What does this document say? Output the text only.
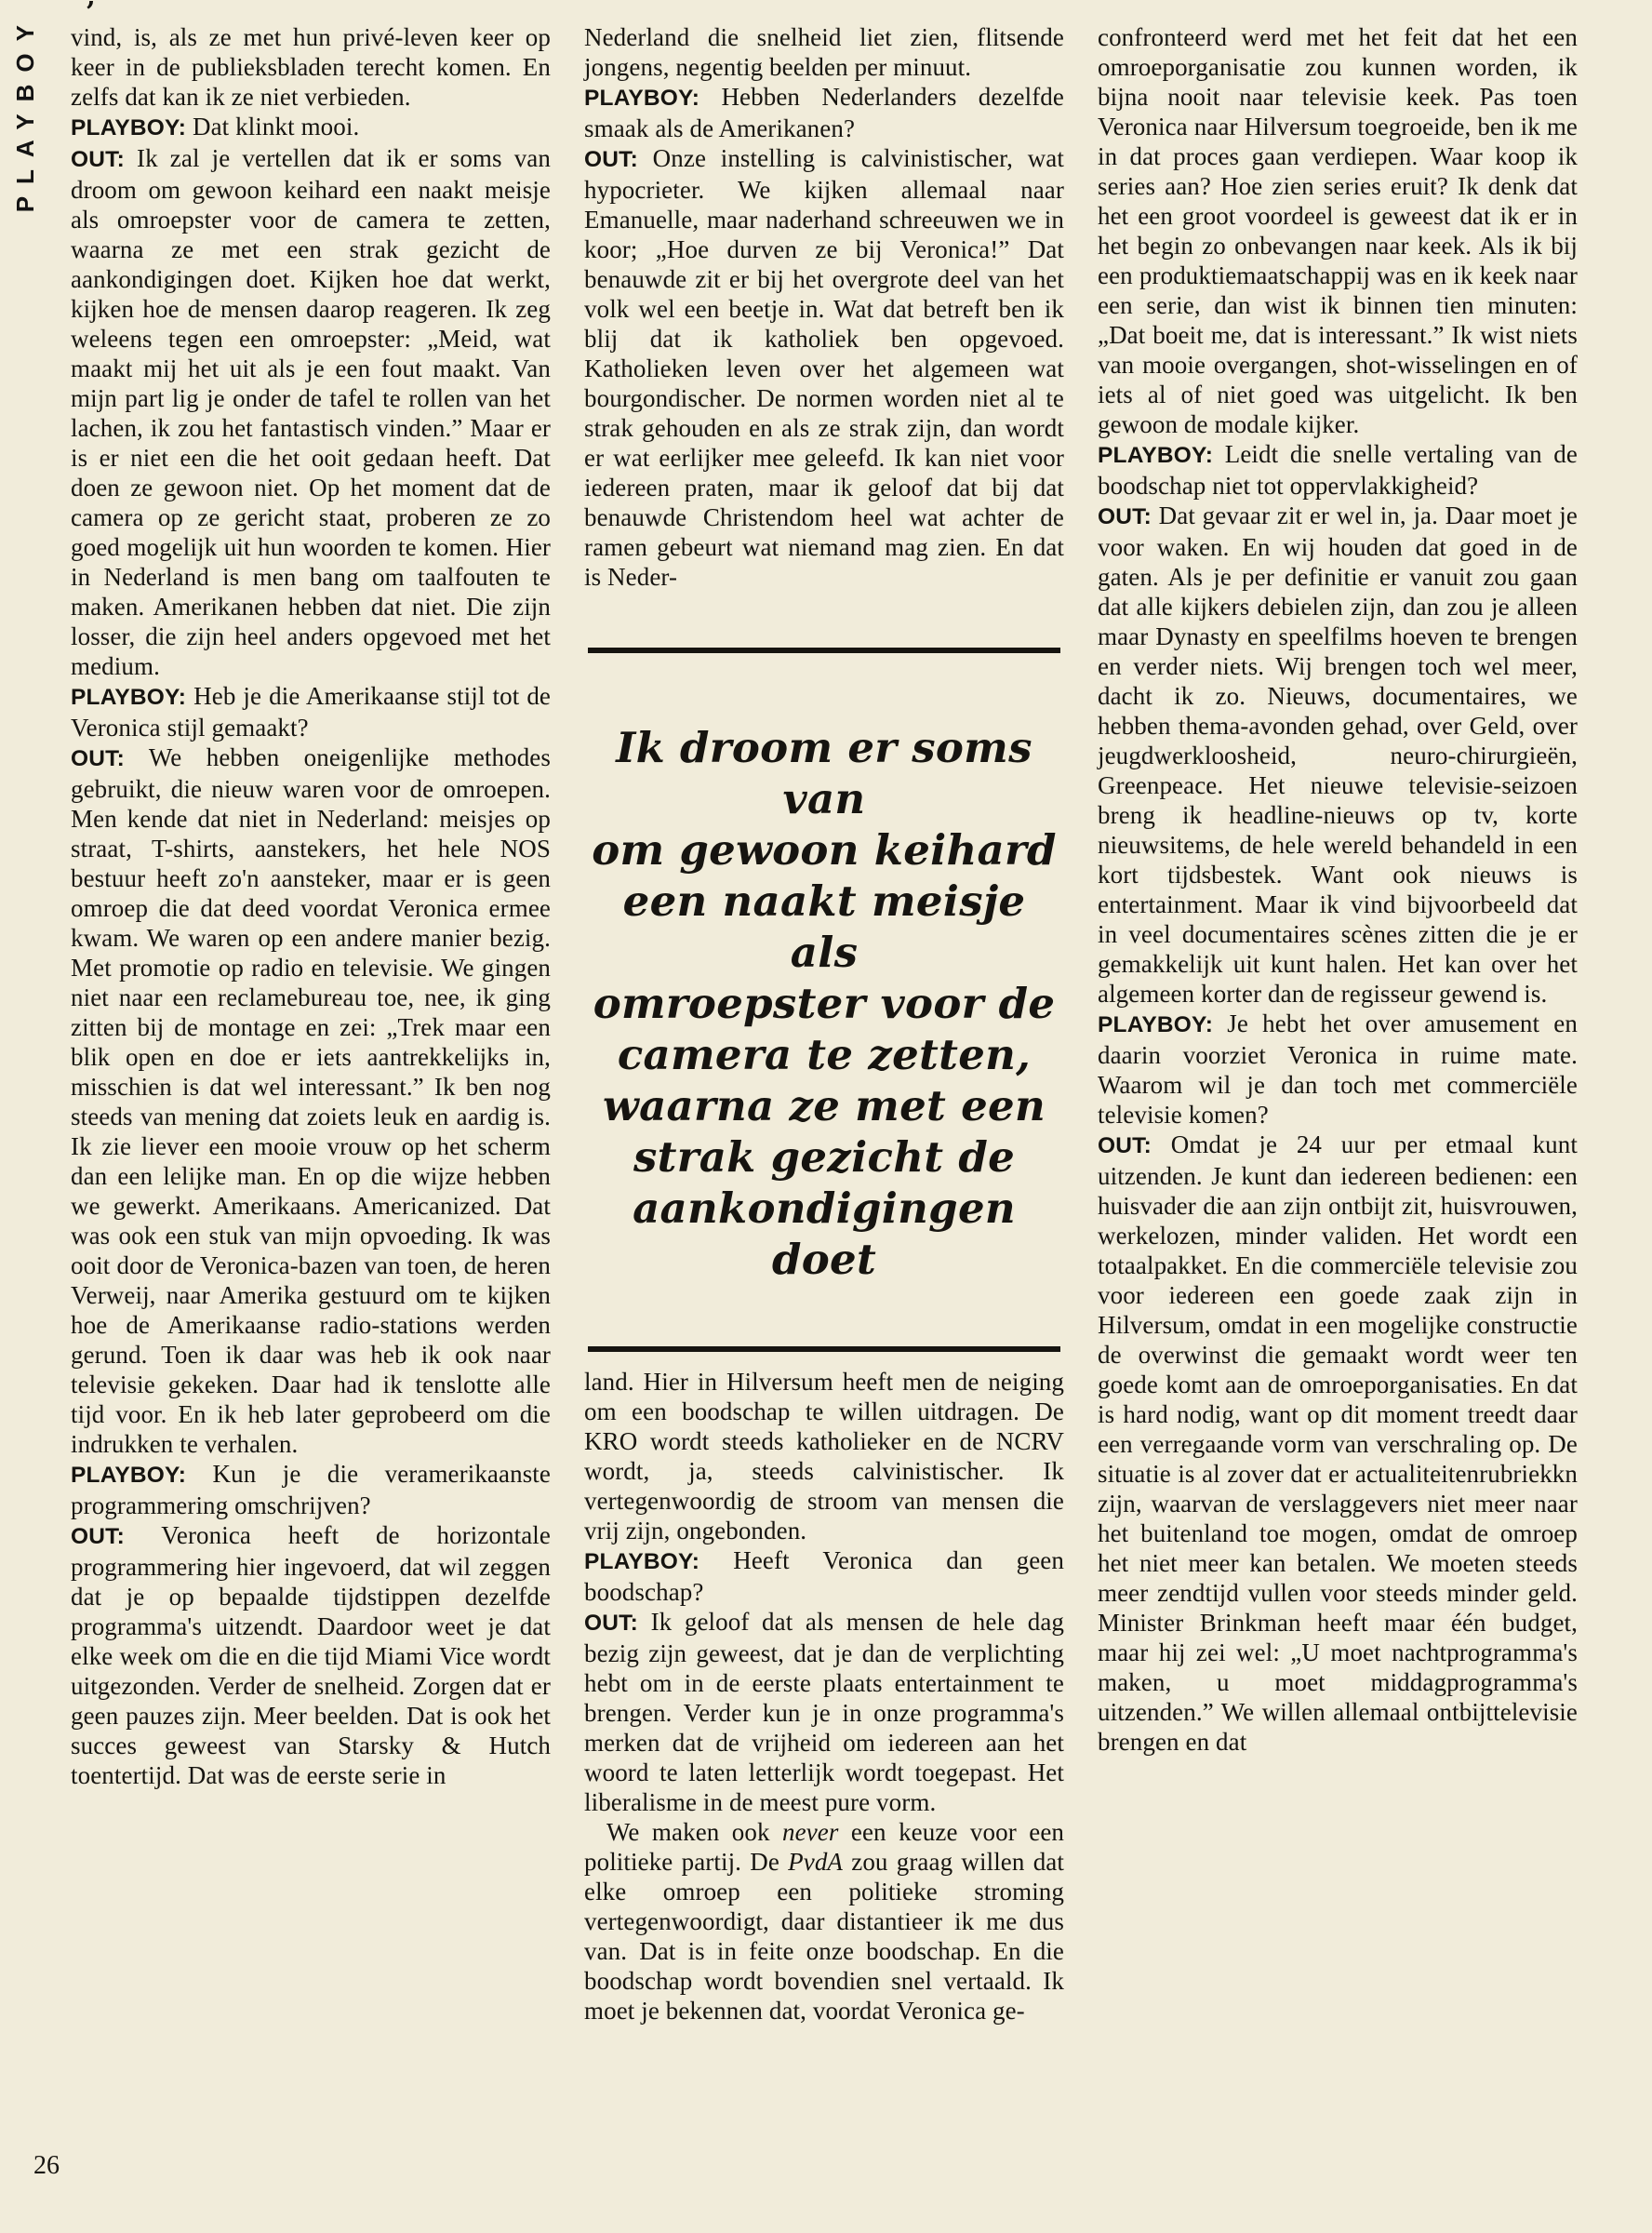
’
PLAYBOY vind, is, als ze met hun privé-leven keer op keer in de publieksbladen terecht komen. En zelfs dat kan ik ze niet verbieden.

PLAYBOY: Dat klinkt mooi.

OUT: Ik zal je vertellen dat ik er soms van droom om gewoon keihard een naakt meisje als omroepster voor de camera te zetten, waarna ze met een strak gezicht de aankondigingen doet. Kijken hoe dat werkt, kijken hoe de mensen daarop reageren. Ik zeg weleens tegen een omroepster: „Meid, wat maakt mij het uit als je een fout maakt. Van mijn part lig je onder de tafel te rollen van het lachen, ik zou het fantastisch vinden.” Maar er is er niet een die het ooit gedaan heeft. Dat doen ze gewoon niet. Op het moment dat de camera op ze gericht staat, proberen ze zo goed mogelijk uit hun woorden te komen. Hier in Nederland is men bang om taalfouten te maken. Amerikanen hebben dat niet. Die zijn losser, die zijn heel anders opgevoed met het medium.

PLAYBOY: Heb je die Amerikaanse stijl tot de Veronica stijl gemaakt?

OUT: We hebben oneigenlijke methodes gebruikt, die nieuw waren voor de omroepen. Men kende dat niet in Nederland: meisjes op straat, T-shirts, aanstekers, het hele NOS bestuur heeft zo'n aansteker, maar er is geen omroep die dat deed voordat Veronica ermee kwam. We waren op een andere manier bezig. Met promotie op radio en televisie. We gingen niet naar een reclamebureau toe, nee, ik ging zitten bij de montage en zei: „Trek maar een blik open en doe er iets aantrekkelijks in, misschien is dat wel interessant.” Ik ben nog steeds van mening dat zoiets leuk en aardig is. Ik zie liever een mooie vrouw op het scherm dan een lelijke man. En op die wijze hebben we gewerkt. Amerikaans. Americanized. Dat was ook een stuk van mijn opvoeding. Ik was ooit door de Veronica-bazen van toen, de heren Verweij, naar Amerika gestuurd om te kijken hoe de Amerikaanse radio-stations werden gerund. Toen ik daar was heb ik ook naar televisie gekeken. Daar had ik tenslotte alle tijd voor. En ik heb later geprobeerd om die indrukken te verhalen.

PLAYBOY: Kun je die veramerikaanste programmering omschrijven?

OUT: Veronica heeft de horizontale programmering hier ingevoerd, dat wil zeggen dat je op bepaalde tijdstippen dezelfde programma's uitzendt. Daardoor weet je dat elke week om die en die tijd Miami Vice wordt uitgezonden. Verder de snelheid. Zorgen dat er geen pauzes zijn. Meer beelden. Dat is ook het succes geweest van Starsky & Hutch toentertijd. Dat was de eerste serie in

Nederland die snelheid liet zien, flitsende jongens, negentig beelden per minuut.

PLAYBOY: Hebben Nederlanders dezelfde smaak als de Amerikanen?

OUT: Onze instelling is calvinistischer, wat hypocrieter. We kijken allemaal naar Emanuelle, maar naderhand schreeuwen we in koor; „Hoe durven ze bij Veronica!” Dat benauwde zit er bij het overgrote deel van het volk wel een beetje in. Wat dat betreft ben ik blij dat ik katholiek ben opgevoed. Katholieken leven over het algemeen wat bourgondischer. De normen worden niet al te strak gehouden en als ze strak zijn, dan wordt er wat eerlijker mee geleefd. Ik kan niet voor iedereen praten, maar ik geloof dat bij dat benauwde Christendom heel wat achter de ramen gebeurt wat niemand mag zien. En dat is Neder-

Ik droom er soms van
om gewoon keihard
een naakt meisje als
omroepster voor de
camera te zetten,
waarna ze met een
strak gezicht de
aankondigingen doet

land. Hier in Hilversum heeft men de neiging om een boodschap te willen uitdragen. De KRO wordt steeds katholieker en de NCRV wordt, ja, steeds calvinistischer. Ik vertegenwoordig de stroom van mensen die vrij zijn, ongebonden.

PLAYBOY: Heeft Veronica dan geen boodschap?

OUT: Ik geloof dat als mensen de hele dag bezig zijn geweest, dat je dan de verplichting hebt om in de eerste plaats entertainment te brengen. Verder kun je in onze programma's merken dat de vrijheid om iedereen aan het woord te laten letterlijk wordt toegepast. Het liberalisme in de meest pure vorm.

We maken ook never een keuze voor een politieke partij. De PvdA zou graag willen dat elke omroep een politieke stroming vertegenwoordigt, daar distantieer ik me dus van. Dat is in feite onze boodschap. En die boodschap wordt bovendien snel vertaald. Ik moet je bekennen dat, voordat Veronica ge-

confronteerd werd met het feit dat het een omroeporganisatie zou kunnen worden, ik bijna nooit naar televisie keek. Pas toen Veronica naar Hilversum toegroeide, ben ik me in dat proces gaan verdiepen. Waar koop ik series aan? Hoe zien series eruit? Ik denk dat het een groot voordeel is geweest dat ik er in het begin zo onbevangen naar keek. Als ik bij een produktiemaatschappij was en ik keek naar een serie, dan wist ik binnen tien minuten: „Dat boeit me, dat is interessant.” Ik wist niets van mooie overgangen, shot-wisselingen en of iets al of niet goed was uitgelicht. Ik ben gewoon de modale kijker.

PLAYBOY: Leidt die snelle vertaling van de boodschap niet tot oppervlakkigheid?

OUT: Dat gevaar zit er wel in, ja. Daar moet je voor waken. En wij houden dat goed in de gaten. Als je per definitie er vanuit zou gaan dat alle kijkers debielen zijn, dan zou je alleen maar Dynasty en speelfilms hoeven te brengen en verder niets. Wij brengen toch wel meer, dacht ik zo. Nieuws, documentaires, we hebben thema-avonden gehad, over Geld, over jeugdwerkloosheid, neuro-chirurgieën, Greenpeace. Het nieuwe televisie-seizoen breng ik headline-nieuws op tv, korte nieuwsitems, de hele wereld behandeld in een kort tijdsbestek. Want ook nieuws is entertainment. Maar ik vind bijvoorbeeld dat in veel documentaires scènes zitten die je er gemakkelijk uit kunt halen. Het kan over het algemeen korter dan de regisseur gewend is.

PLAYBOY: Je hebt het over amusement en daarin voorziet Veronica in ruime mate. Waarom wil je dan toch met commerciële televisie komen?

OUT: Omdat je 24 uur per etmaal kunt uitzenden. Je kunt dan iedereen bedienen: een huisvader die aan zijn ontbijt zit, huisvrouwen, werkelozen, minder validen. Het wordt een totaalpakket. En die commerciële televisie zou voor iedereen een goede zaak zijn in Hilversum, omdat in een mogelijke constructie de overwinst die gemaakt wordt weer ten goede komt aan de omroeporganisaties. En dat is hard nodig, want op dit moment treedt daar een verregaande vorm van verschraling op. De situatie is al zover dat er actualiteitenrubriekkn zijn, waarvan de verslaggevers niet meer naar het buitenland toe mogen, omdat de omroep het niet meer kan betalen. We moeten steeds meer zendtijd vullen voor steeds minder geld. Minister Brinkman heeft maar één budget, maar hij zei wel: „U moet nachtprogramma's maken, u moet middagprogramma's uitzenden.” We willen allemaal ontbijttelevisie brengen en dat

26
